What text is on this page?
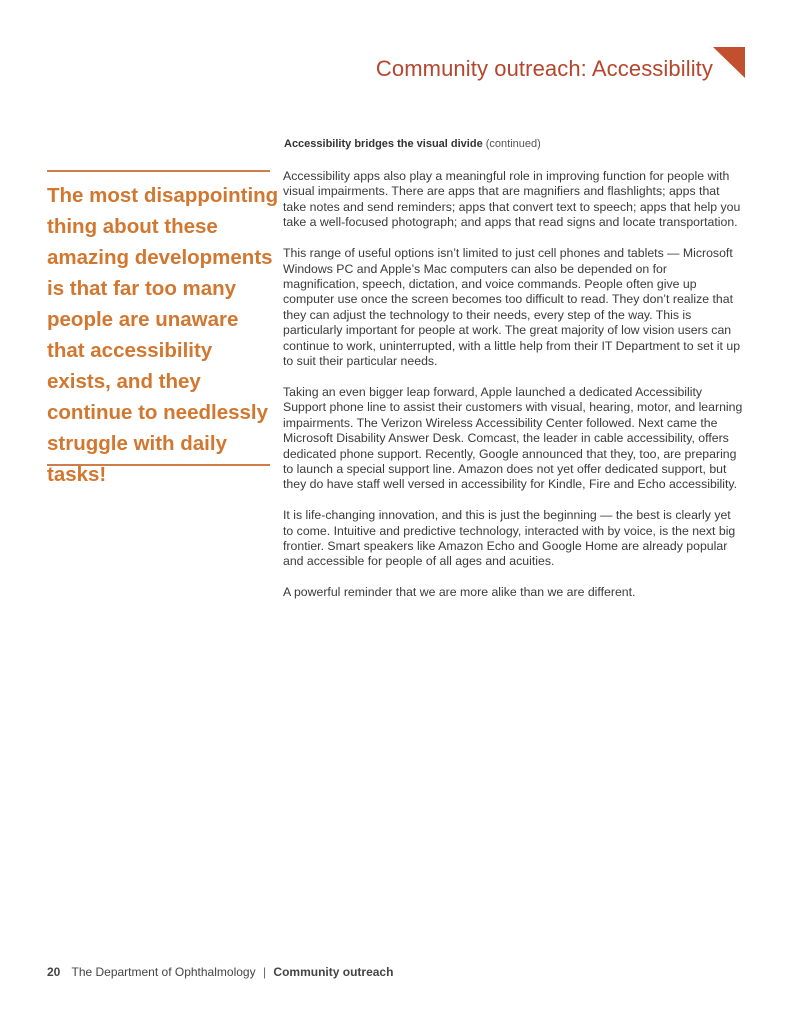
Community outreach: Accessibility
Accessibility bridges the visual divide (continued)

The most disappointing thing about these amazing developments is that far too many people are unaware that accessibility exists, and they continue to needlessly struggle with daily tasks!

Accessibility apps also play a meaningful role in improving function for people with visual impairments. There are apps that are magnifiers and flashlights; apps that take notes and send reminders; apps that convert text to speech; apps that help you take a well-focused photograph; and apps that read signs and locate transportation.

This range of useful options isn’t limited to just cell phones and tablets — Microsoft Windows PC and Apple’s Mac computers can also be depended on for magnification, speech, dictation, and voice commands. People often give up computer use once the screen becomes too difficult to read. They don’t realize that they can adjust the technology to their needs, every step of the way. This is particularly important for people at work. The great majority of low vision users can continue to work, uninterrupted, with a little help from their IT Department to set it up to suit their particular needs.

Taking an even bigger leap forward, Apple launched a dedicated Accessibility Support phone line to assist their customers with visual, hearing, motor, and learning impairments. The Verizon Wireless Accessibility Center followed. Next came the Microsoft Disability Answer Desk. Comcast, the leader in cable accessibility, offers dedicated phone support. Recently, Google announced that they, too, are preparing to launch a special support line. Amazon does not yet offer dedicated support, but they do have staff well versed in accessibility for Kindle, Fire and Echo accessibility.

It is life-changing innovation, and this is just the beginning — the best is clearly yet to come. Intuitive and predictive technology, interacted with by voice, is the next big frontier. Smart speakers like Amazon Echo and Google Home are already popular and accessible for people of all ages and acuities.

A powerful reminder that we are more alike than we are different.

20 The Department of Ophthalmology | Community outreach
